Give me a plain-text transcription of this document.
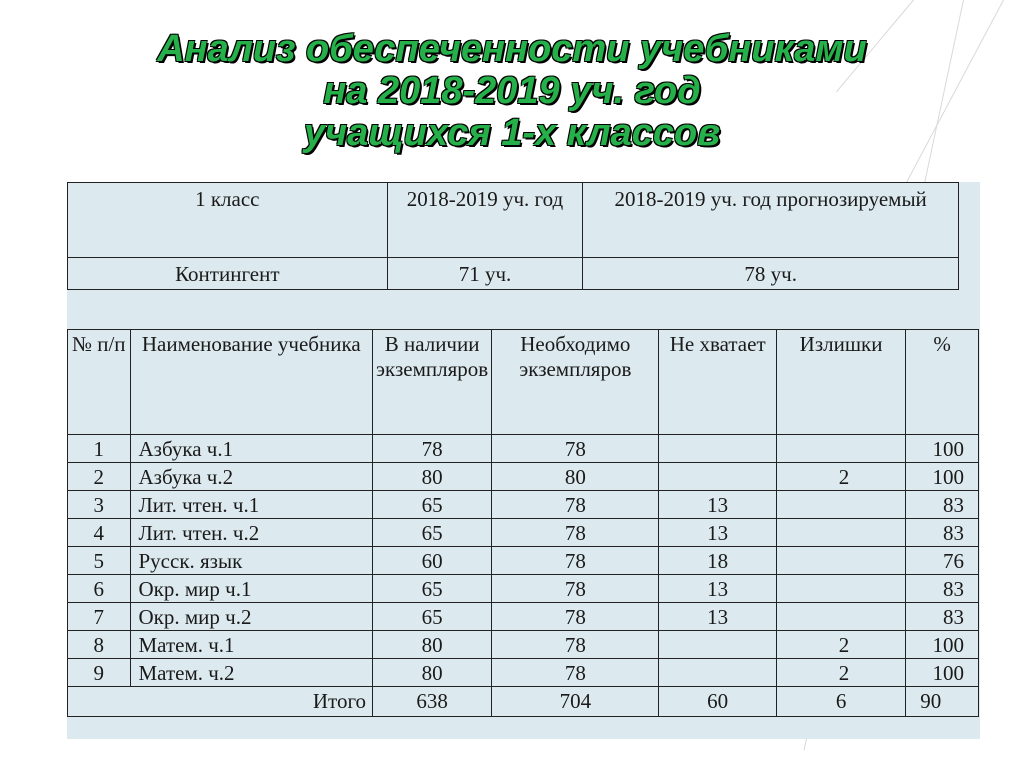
Анализ обеспеченности учебниками
на 2018-2019 уч. год
учащихся 1-х классов
1 класс	2018-2019 уч. год	2018-2019 уч. год прогнозируемый
Контингент	71 уч.	78 уч.
№ п/п	Наименование учебника	В наличии экземпляров	Необходимо экземпляров	Не хватает	Излишки	%
1	Азбука ч.1	78	78			100
2	Азбука ч.2	80	80		2	100
3	Лит. чтен. ч.1	65	78	13		83
4	Лит. чтен. ч.2	65	78	13		83
5	Русск. язык	60	78	18		76
6	Окр. мир ч.1	65	78	13		83
7	Окр. мир ч.2	65	78	13		83
8	Матем. ч.1	80	78		2	100
9	Матем. ч.2	80	78		2	100
Итого		638	704	60	6	90
